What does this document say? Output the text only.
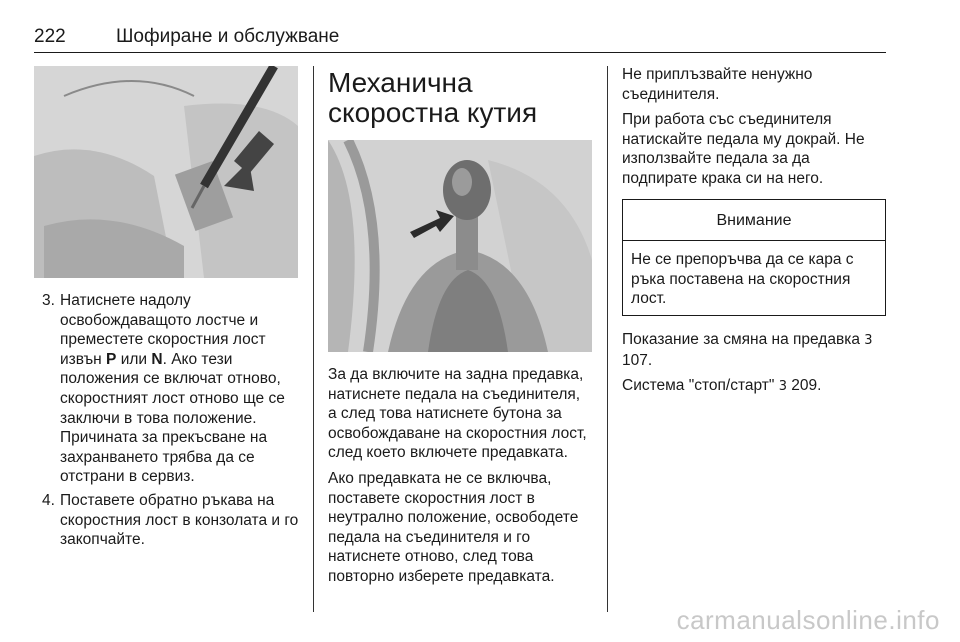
222	Шофиране и обслужване
3. Натиснете надолу освобождаващото лостче и преместете скоростния лост извън P или N. Ако тези положения се включат отново, скоростният лост отново ще се заключи в това положение. Причината за прекъсване на захранването трябва да се отстрани в сервиз.
4. Поставете обратно ръкава на скоростния лост в конзолата и го закопчайте.
Механична скоростна кутия

За да включите на задна предавка, натиснете педала на съединителя, а след това натиснете бутона за освобождаване на скоростния лост, след което включете предавката.

Ако предавката не се включва, поставете скоростния лост в неутрално положение, освободете педала на съединителя и го натиснете отново, след това повторно изберете предавката.

Не приплъзвайте ненужно съединителя.

При работа със съединителя натискайте педала му докрай. Не използвайте педала за да подпирате крака си на него.

Внимание
Не се препоръчва да се кара с ръка поставена на скоростния лост.

Показание за смяна на предавка 3 107.

Система "стоп/старт" 3 209.

carmanualsonline.info
